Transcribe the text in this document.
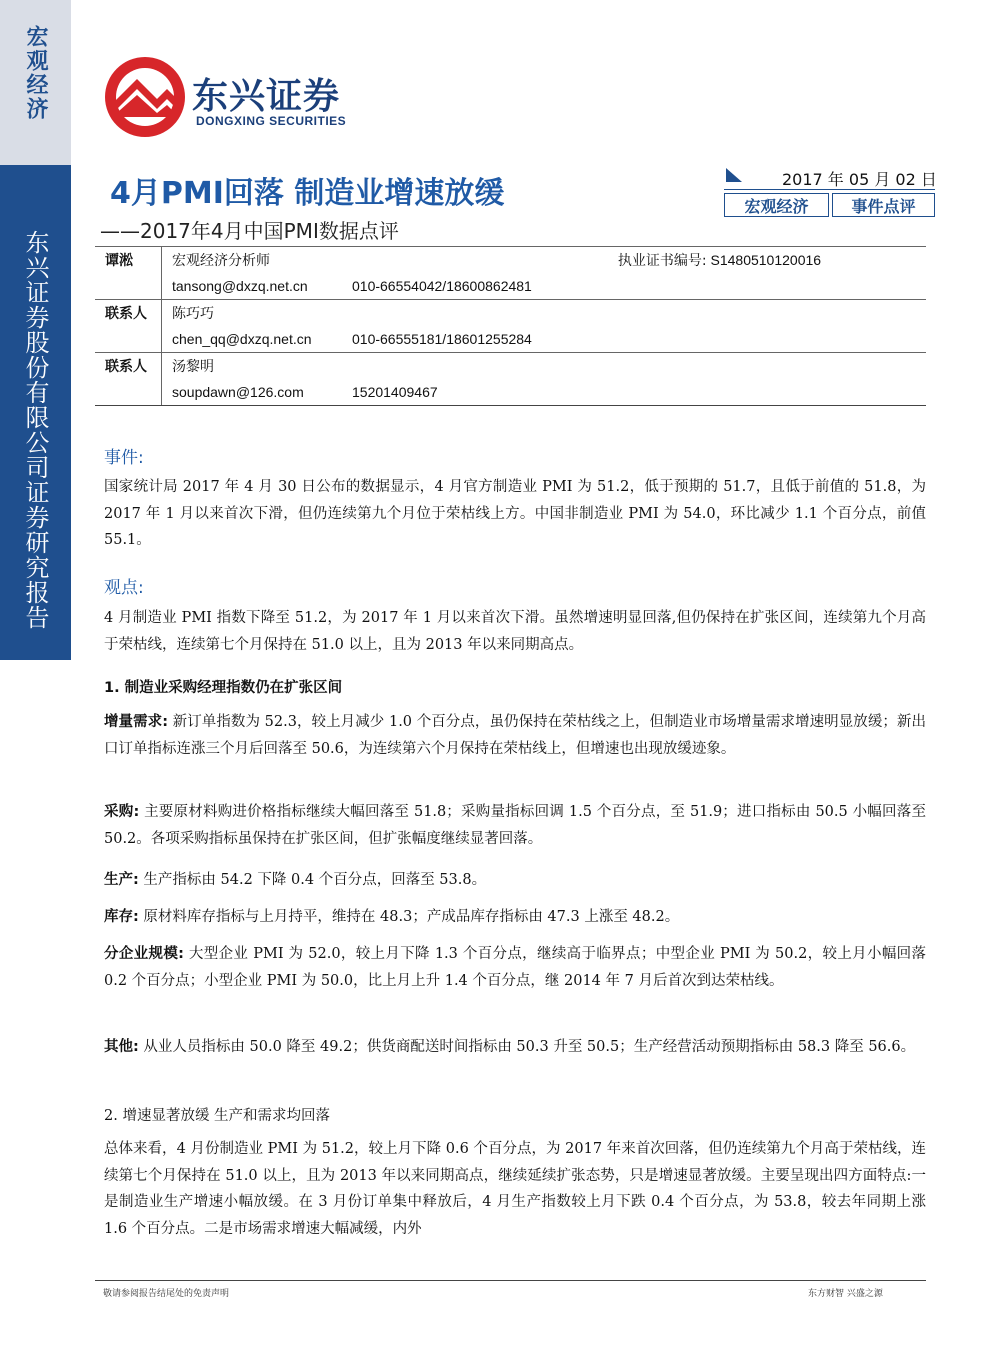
宏观经济
东兴证券股份有限公司证券研究报告
东兴证券
DONGXING SECURITIES
4月PMI回落 制造业增速放缓
——2017年4月中国PMI数据点评
2017 年 05 月 02 日
宏观经济	事件点评
谭淞	宏观经济分析师	执业证书编号: S1480510120016
	tansong@dxzq.net.cn	010-66554042/18600862481
联系人	陈巧巧	
	chen_qq@dxzq.net.cn	010-66555181/18601255284
联系人	汤黎明	
	soupdawn@126.com	15201409467
事件:
国家统计局 2017 年 4 月 30 日公布的数据显示，4 月官方制造业 PMI 为 51.2，低于预期的 51.7，且低于前值的 51.8，为 2017 年 1 月以来首次下滑，但仍连续第九个月位于荣枯线上方。中国非制造业 PMI 为 54.0，环比减少 1.1 个百分点，前值 55.1。
观点:
4 月制造业 PMI 指数下降至 51.2，为 2017 年 1 月以来首次下滑。虽然增速明显回落,但仍保持在扩张区间，连续第九个月高于荣枯线，连续第七个月保持在 51.0 以上，且为 2013 年以来同期高点。
1. 制造业采购经理指数仍在扩张区间
增量需求: 新订单指数为 52.3，较上月减少 1.0 个百分点，虽仍保持在荣枯线之上，但制造业市场增量需求增速明显放缓；新出口订单指标连涨三个月后回落至 50.6，为连续第六个月保持在荣枯线上，但增速也出现放缓迹象。
采购: 主要原材料购进价格指标继续大幅回落至 51.8；采购量指标回调 1.5 个百分点，至 51.9；进口指标由 50.5 小幅回落至 50.2。各项采购指标虽保持在扩张区间，但扩张幅度继续显著回落。
生产: 生产指标由 54.2 下降 0.4 个百分点，回落至 53.8。
库存: 原材料库存指标与上月持平，维持在 48.3；产成品库存指标由 47.3 上涨至 48.2。
分企业规模: 大型企业 PMI 为 52.0，较上月下降 1.3 个百分点，继续高于临界点；中型企业 PMI 为 50.2，较上月小幅回落 0.2 个百分点；小型企业 PMI 为 50.0，比上月上升 1.4 个百分点，继 2014 年 7 月后首次到达荣枯线。
其他: 从业人员指标由 50.0 降至 49.2；供货商配送时间指标由 50.3 升至 50.5；生产经营活动预期指标由 58.3 降至 56.6。
2. 增速显著放缓 生产和需求均回落
总体来看，4 月份制造业 PMI 为 51.2，较上月下降 0.6 个百分点，为 2017 年来首次回落，但仍连续第九个月高于荣枯线，连续第七个月保持在 51.0 以上，且为 2013 年以来同期高点，继续延续扩张态势，只是增速显著放缓。主要呈现出四方面特点:一是制造业生产增速小幅放缓。在 3 月份订单集中释放后，4 月生产指数较上月下跌 0.4 个百分点，为 53.8，较去年同期上涨 1.6 个百分点。二是市场需求增速大幅减缓，内外
敬请参阅报告结尾处的免责声明	东方财智 兴盛之源
